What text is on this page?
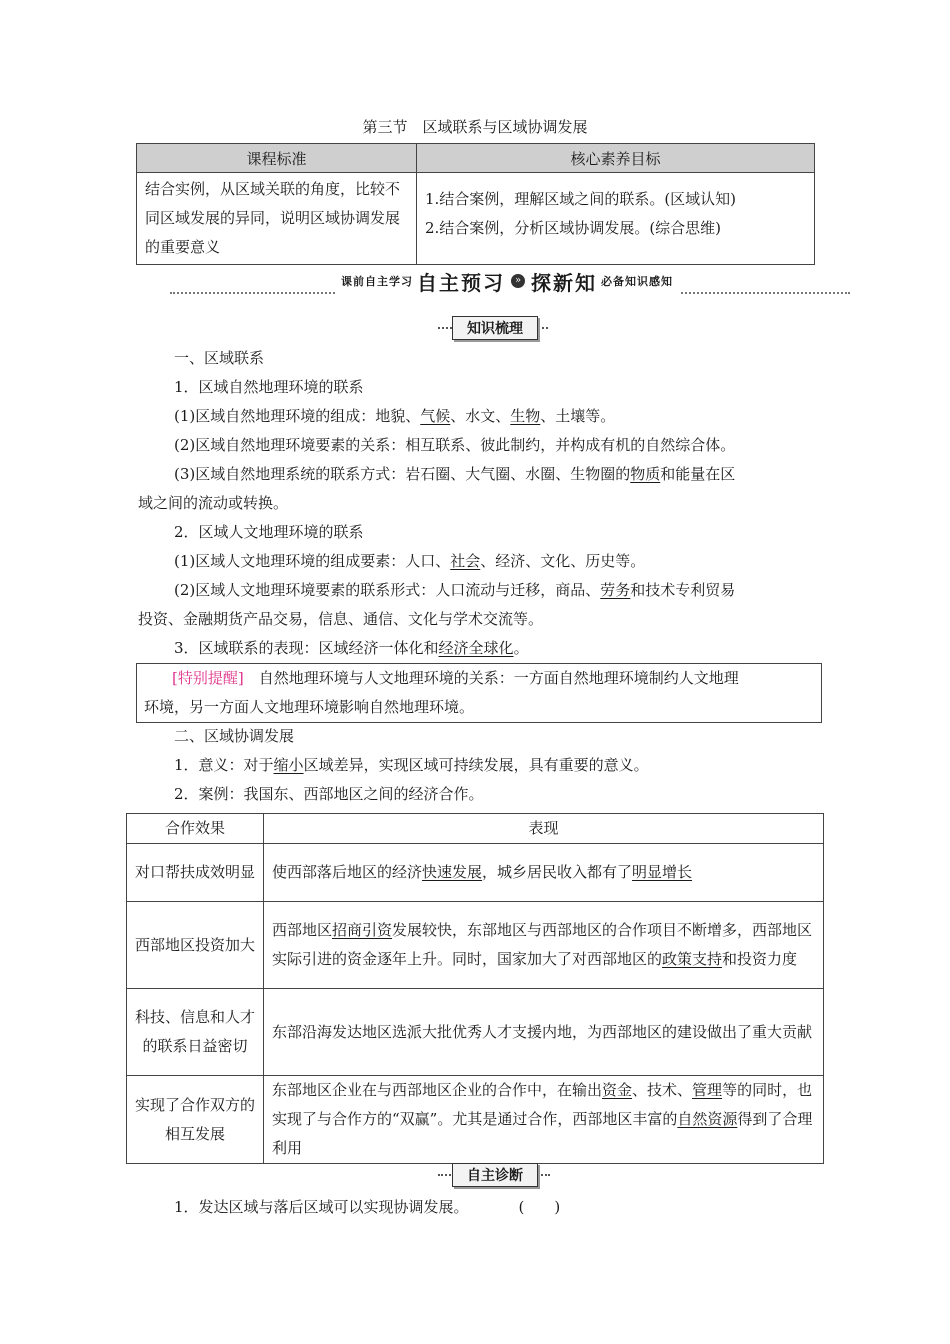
第三节　区域联系与区域协调发展
课程标准	核心素养目标
结合实例，从区域关联的角度，比较不同区域发展的异同，说明区域协调发展的重要意义	1.结合案例，理解区域之间的联系。(区域认知)
2.结合案例，分析区域协调发展。(综合思维)
课前自主学习 自主预习 » 探新知 必备知识感知
知识梳理
一、区域联系
1．区域自然地理环境的联系
(1)区域自然地理环境的组成：地貌、气候、水文、生物、土壤等。
(2)区域自然地理环境要素的关系：相互联系、彼此制约，并构成有机的自然综合体。
(3)区域自然地理系统的联系方式：岩石圈、大气圈、水圈、生物圈的物质和能量在区
域之间的流动或转换。
2．区域人文地理环境的联系
(1)区域人文地理环境的组成要素：人口、社会、经济、文化、历史等。
(2)区域人文地理环境要素的联系形式：人口流动与迁移，商品、劳务和技术专利贸易
投资、金融期货产品交易，信息、通信、文化与学术交流等。
3．区域联系的表现：区域经济一体化和经济全球化。
[特别提醒]　自然地理环境与人文地理环境的关系：一方面自然地理环境制约人文地理
环境，另一方面人文地理环境影响自然地理环境。
二、区域协调发展
1．意义：对于缩小区域差异，实现区域可持续发展，具有重要的意义。
2．案例：我国东、西部地区之间的经济合作。
合作效果	表现
对口帮扶成效明显	使西部落后地区的经济快速发展，城乡居民收入都有了明显增长
西部地区投资加大	西部地区招商引资发展较快，东部地区与西部地区的合作项目不断增多，西部地区实际引进的资金逐年上升。同时，国家加大了对西部地区的政策支持和投资力度
科技、信息和人才的联系日益密切	东部沿海发达地区选派大批优秀人才支援内地，为西部地区的建设做出了重大贡献
实现了合作双方的相互发展	东部地区企业在与西部地区企业的合作中，在输出资金、技术、管理等的同时，也实现了与合作方的“双赢”。尤其是通过合作，西部地区丰富的自然资源得到了合理利用
自主诊断
1．发达区域与落后区域可以实现协调发展。	(　　)
